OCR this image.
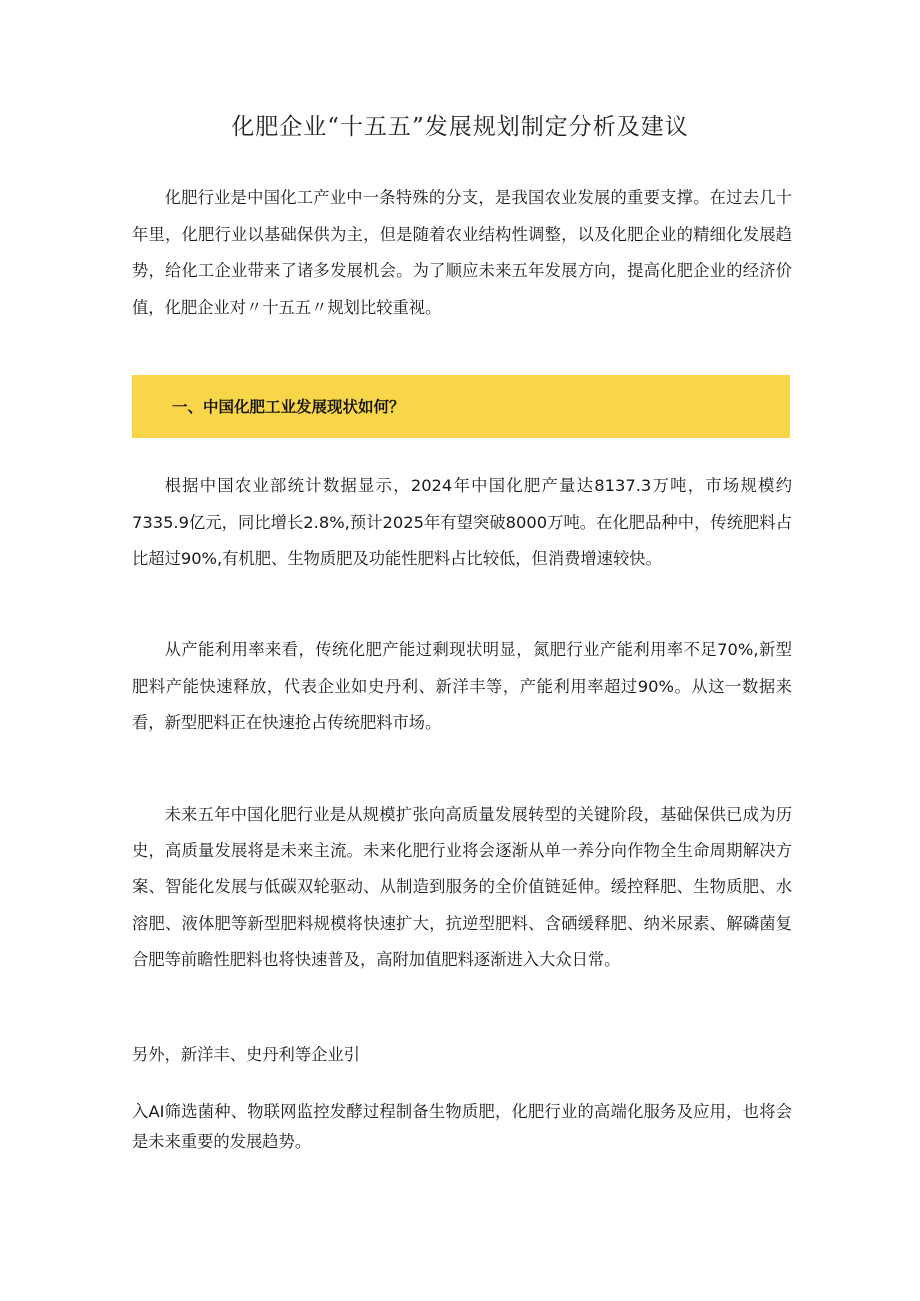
化肥企业“十五五”发展规划制定分析及建议

化肥行业是中国化工产业中一条特殊的分支，是我国农业发展的重要支撑。在过去几十年里，化肥行业以基础保供为主，但是随着农业结构性调整，以及化肥企业的精细化发展趋势，给化工企业带来了诸多发展机会。为了顺应未来五年发展方向，提高化肥企业的经济价值，化肥企业对〃十五五〃规划比较重视。

一、中国化肥工业发展现状如何？

根据中国农业部统计数据显示，2024年中国化肥产量达8137.3万吨，市场规模约7335.9亿元，同比增长2.8%,预计2025年有望突破8000万吨。在化肥品种中，传统肥料占比超过90%,有机肥、生物质肥及功能性肥料占比较低，但消费增速较快。

从产能利用率来看，传统化肥产能过剩现状明显，氮肥行业产能利用率不足70%,新型肥料产能快速释放，代表企业如史丹利、新洋丰等，产能利用率超过90%。从这一数据来看，新型肥料正在快速抢占传统肥料市场。

未来五年中国化肥行业是从规模扩张向高质量发展转型的关键阶段，基础保供已成为历史，高质量发展将是未来主流。未来化肥行业将会逐渐从单一养分向作物全生命周期解决方案、智能化发展与低碳双轮驱动、从制造到服务的全价值链延伸。缓控释肥、生物质肥、水溶肥、液体肥等新型肥料规模将快速扩大，抗逆型肥料、含硒缓释肥、纳米尿素、解磷菌复合肥等前瞻性肥料也将快速普及，高附加值肥料逐渐进入大众日常。

另外，新洋丰、史丹利等企业引

入AI筛选菌种、物联网监控发酵过程制备生物质肥，化肥行业的高端化服务及应用，也将会是未来重要的发展趋势。
